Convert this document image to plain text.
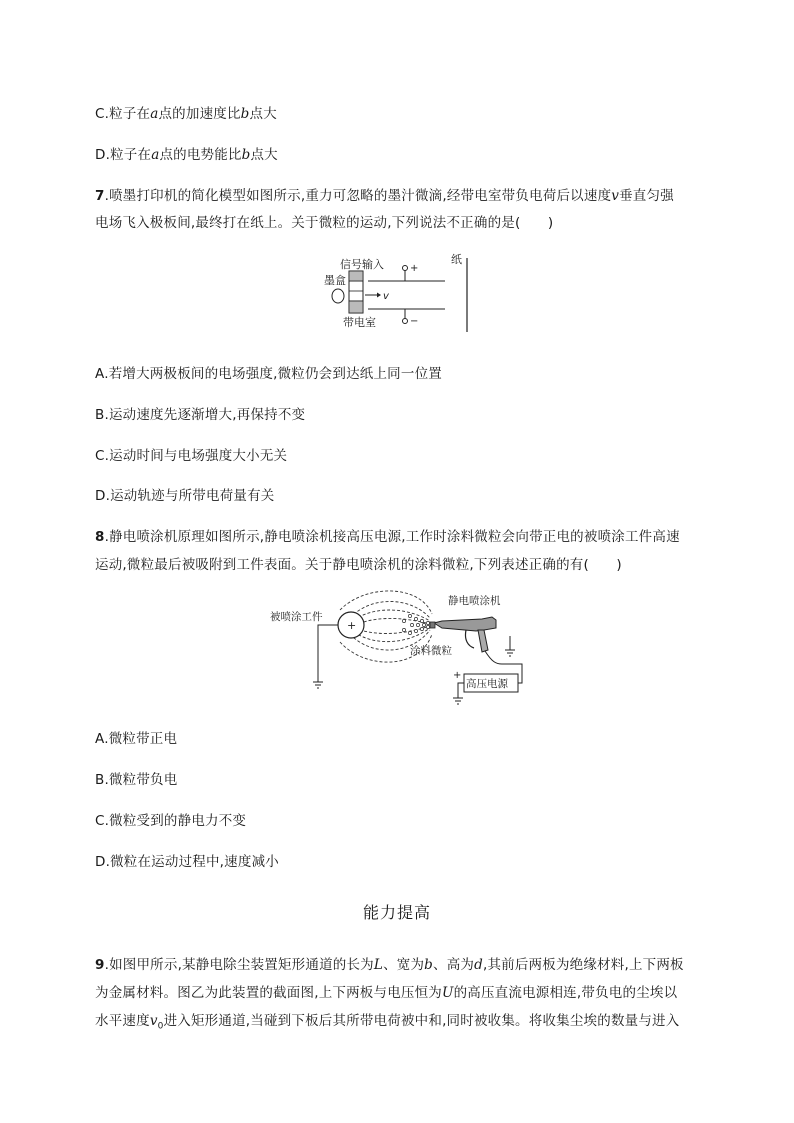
C.粒子在a点的加速度比b点大
D.粒子在a点的电势能比b点大
7.喷墨打印机的简化模型如图所示,重力可忽略的墨汁微滴,经带电室带负电荷后以速度v垂直匀强
电场飞入极板间,最终打在纸上。关于微粒的运动,下列说法不正确的是(　　)
纸
信号输入
墨盒
+
−
v
带电室
A.若增大两极板间的电场强度,微粒仍会到达纸上同一位置
B.运动速度先逐渐增大,再保持不变
C.运动时间与电场强度大小无关
D.运动轨迹与所带电荷量有关
8.静电喷涂机原理如图所示,静电喷涂机接高压电源,工作时涂料微粒会向带正电的被喷涂工件高速
运动,微粒最后被吸附到工件表面。关于静电喷涂机的涂料微粒,下列表述正确的有(　　)
被喷涂工件
+
静电喷涂机
涂料微粒
高压电源
+
A.微粒带正电
B.微粒带负电
C.微粒受到的静电力不变
D.微粒在运动过程中,速度减小
能力提高
9.如图甲所示,某静电除尘装置矩形通道的长为L、宽为b、高为d,其前后两板为绝缘材料,上下两板
为金属材料。图乙为此装置的截面图,上下两板与电压恒为U的高压直流电源相连,带负电的尘埃以
水平速度$v_0$进入矩形通道,当碰到下板后其所带电荷被中和,同时被收集。将收集尘埃的数量与进入
